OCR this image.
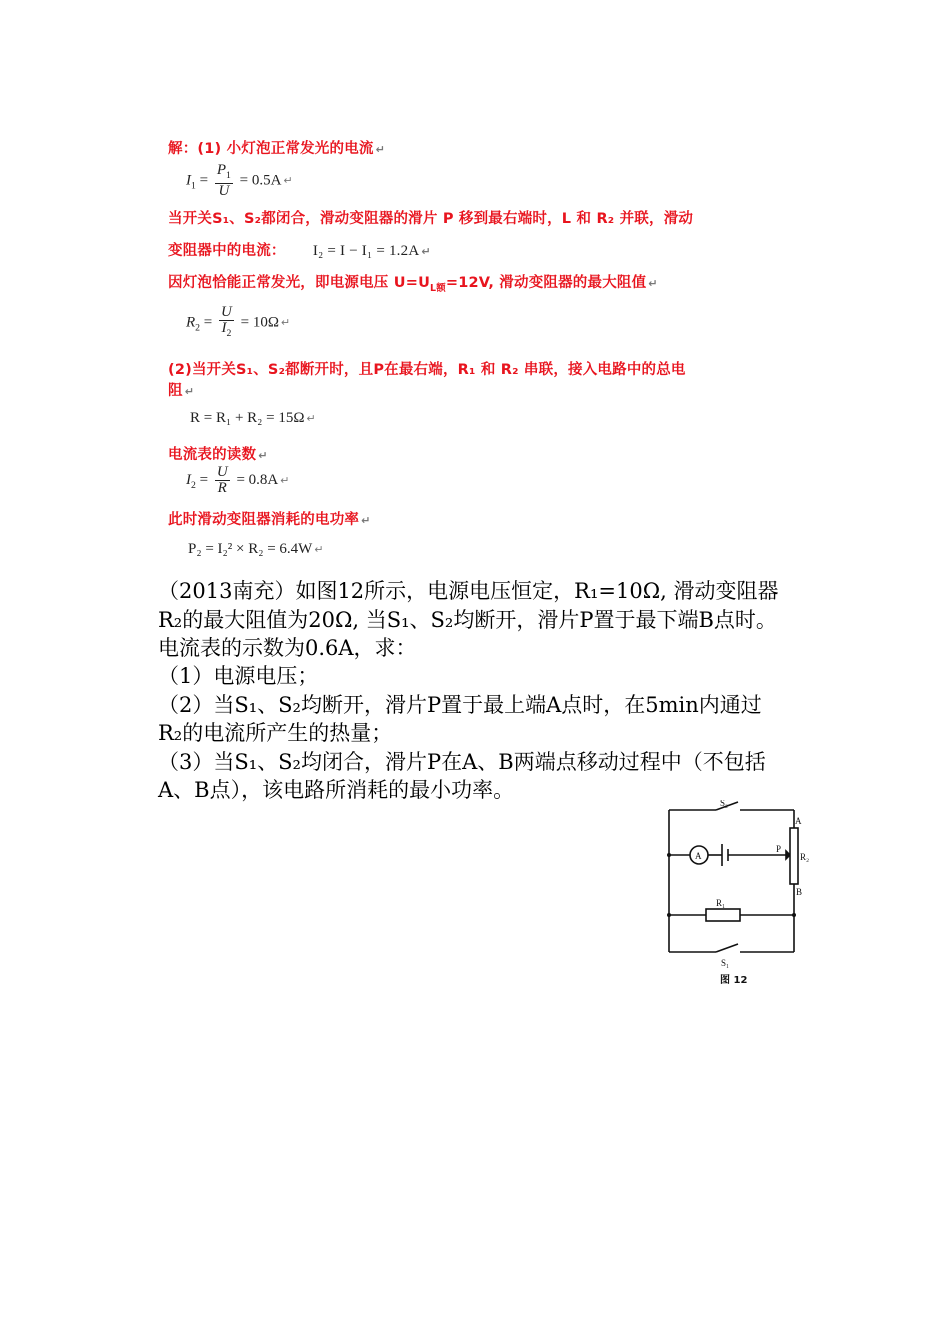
解：(1) 小灯泡正常发光的电流 ↵
$I_1 = \frac{P_1}{U} = 0.5A$ ↵
当开关S₁、S₂都闭合，滑动变阻器的滑片 P 移到最右端时，L 和 R₂ 并联，滑动
变阻器中的电流： I₂ = I − I₁ = 1.2A ↵
因灯泡恰能正常发光，即电源电压 $U=U_{L额}=12V$, 滑动变阻器的最大阻值 ↵
$R_2 = \frac{U}{I_2} = 10\Omega$ ↵
(2)当开关S₁、S₂都断开时，且P在最右端，R₁ 和 R₂ 串联，接入电路中的总电
阻 ↵
R = R₁ + R₂ = 15Ω ↵
电流表的读数 ↵
$I_2 = \frac{U}{R} = 0.8A$ ↵
此时滑动变阻器消耗的电功率 ↵
P₂ = I₂² × R₂ = 6.4W ↵
（2013南充）如图12所示，电源电压恒定，R₁=10Ω, 滑动变阻器
R₂的最大阻值为20Ω, 当S₁、S₂均断开，滑片P置于最下端B点时。
电流表的示数为0.6A，求：
（1）电源电压；
（2）当S₁、S₂均断开，滑片P置于最上端A点时，在5min内通过
R₂的电流所产生的热量；
（3）当S₁、S₂均闭合，滑片P在A、B两端点移动过程中（不包括
A、B点），该电路所消耗的最小功率。
S₂
A
P
R₂
B
R₁
S₁
A
图 12
